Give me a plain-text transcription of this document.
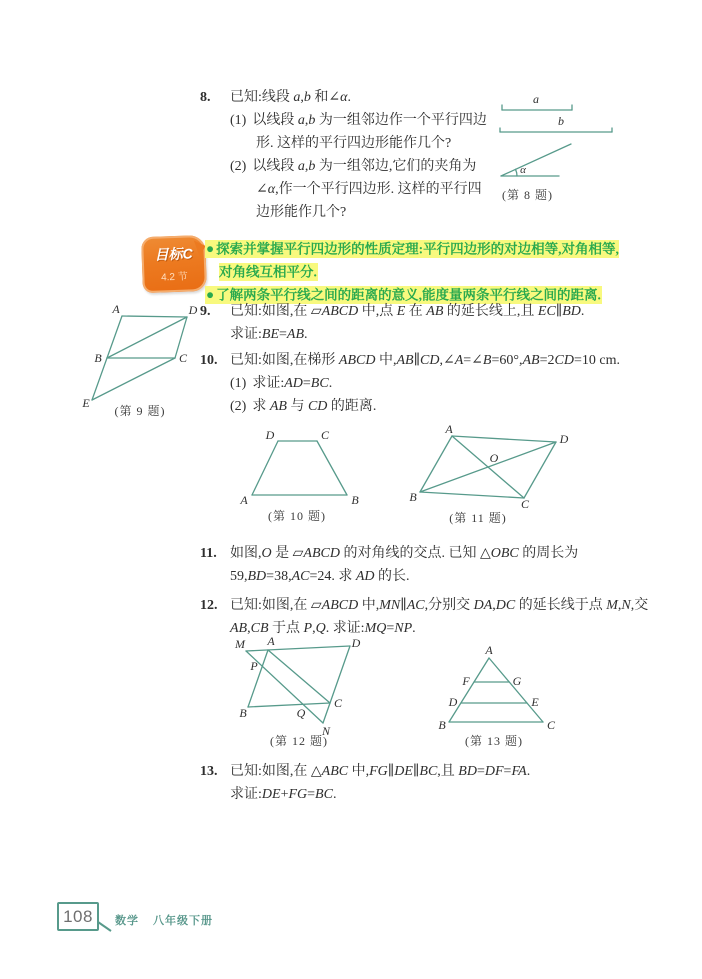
8.	已知:线段 a,b 和∠α.
(1) 以线段 a,b 为一组邻边作一个平行四边形. 这样的平行四边形能作几个?
(2) 以线段 a,b 为一组邻边,它们的夹角为∠α,作一个平行四边形. 这样的平行四边形能作几个?
a
b
α
(第 8 题)
目标C
4.2 节
● 探索并掌握平行四边形的性质定理:平行四边形的对边相等,对角相等,对角线互相平分.
● 了解两条平行线之间的距离的意义,能度量两条平行线之间的距离.
9.	已知:如图,在 ▱ABCD 中,点 E 在 AB 的延长线上,且 EC∥BD.
求证:BE=AB.
A	D
B	C
E
(第 9 题)
10. 已知:如图,在梯形 ABCD 中,AB∥CD,∠A=∠B=60°,AB=2CD=10 cm.
(1) 求证:AD=BC.
(2) 求 AB 与 CD 的距离.
D	C
A	B
(第 10 题)
A
D
B	C
O
(第 11 题)
11. 如图,O 是 ▱ABCD 的对角线的交点. 已知 △OBC 的周长为 59,BD=38,AC=24. 求 AD 的长.
12. 已知:如图,在 ▱ABCD 中,MN∥AC,分别交 DA,DC 的延长线于点 M,N,交 AB,CB 于点 P,Q. 求证:MQ=NP.
M A	D
P
B	Q
C
N
(第 12 题)
A
F	G
D	E
B	C
(第 13 题)
13. 已知:如图,在 △ABC 中,FG∥DE∥BC,且 BD=DF=FA.
求证:DE+FG=BC.
108	数学 八年级下册
